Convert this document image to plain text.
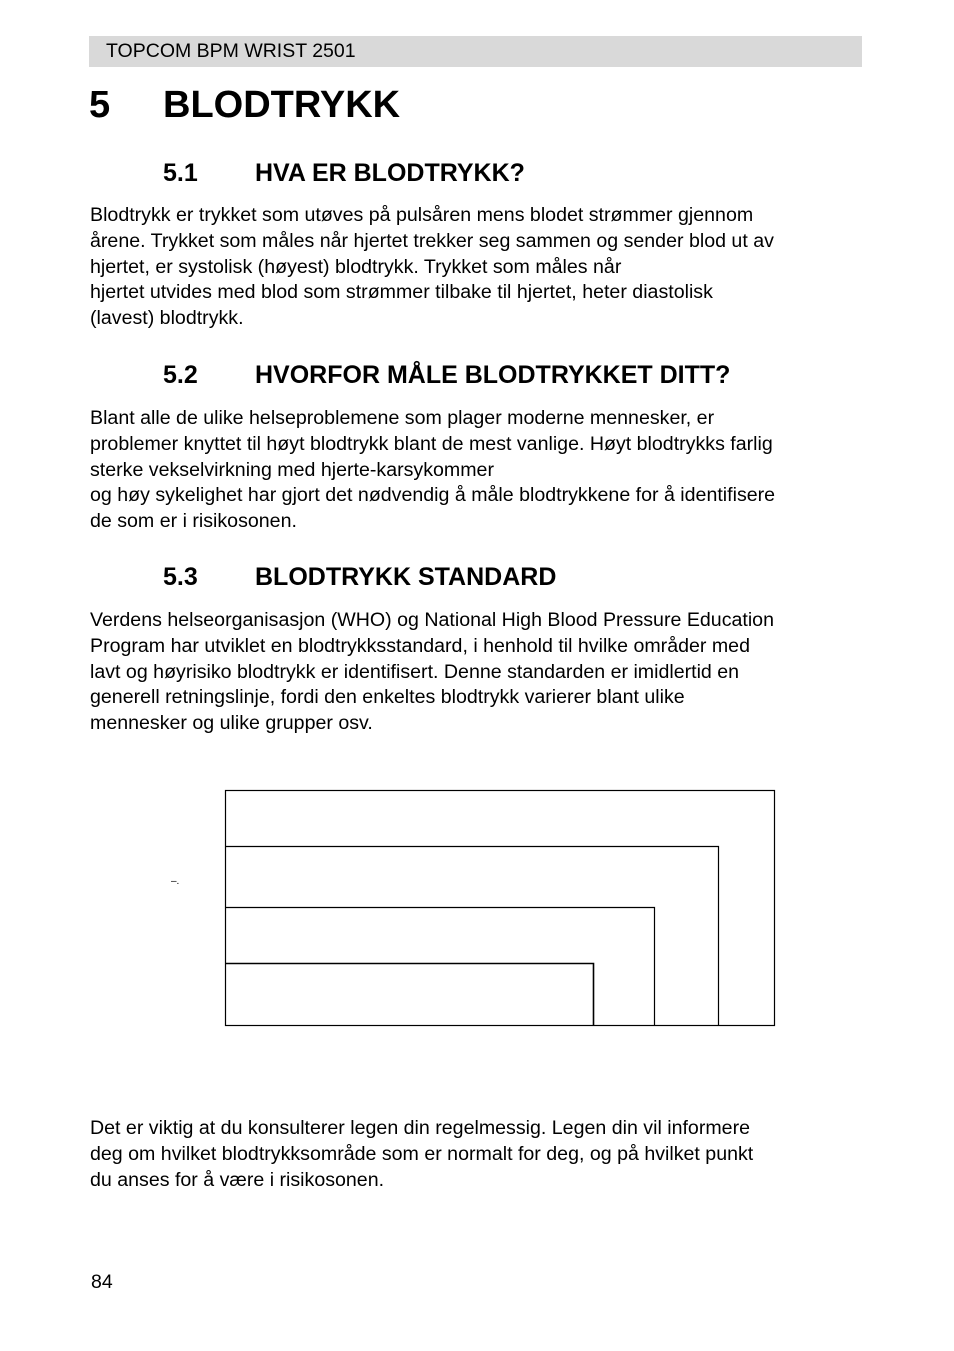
TOPCOM BPM WRIST 2501
5 BLODTRYKK
5.1 HVA ER BLODTRYKK?
Blodtrykk er trykket som utøves på pulsåren mens blodet strømmer gjennom
årene. Trykket som måles når hjertet trekker seg sammen og sender blod ut av
hjertet, er systolisk (høyest) blodtrykk. Trykket som måles når
hjertet utvides med blod som strømmer tilbake til hjertet, heter diastolisk
(lavest) blodtrykk.
5.2 HVORFOR MÅLE BLODTRYKKET DITT?
Blant alle de ulike helseproblemene som plager moderne mennesker, er
problemer knyttet til høyt blodtrykk blant de mest vanlige. Høyt blodtrykks farlig
sterke vekselvirkning med hjerte-karsykommer
og høy sykelighet har gjort det nødvendig å måle blodtrykkene for å identifisere
de som er i risikosonen.
5.3 BLODTRYKK STANDARD
Verdens helseorganisasjon (WHO) og National High Blood Pressure Education
Program har utviklet en blodtrykksstandard, i henhold til hvilke områder med
lavt og høyrisiko blodtrykk er identifisert. Denne standarden er imidlertid en
generell retningslinje, fordi den enkeltes blodtrykk varierer blant ulike
mennesker og ulike grupper osv.
–.
Det er viktig at du konsulterer legen din regelmessig. Legen din vil informere
deg om hvilket blodtrykksområde som er normalt for deg, og på hvilket punkt
du anses for å være i risikosonen.
84
